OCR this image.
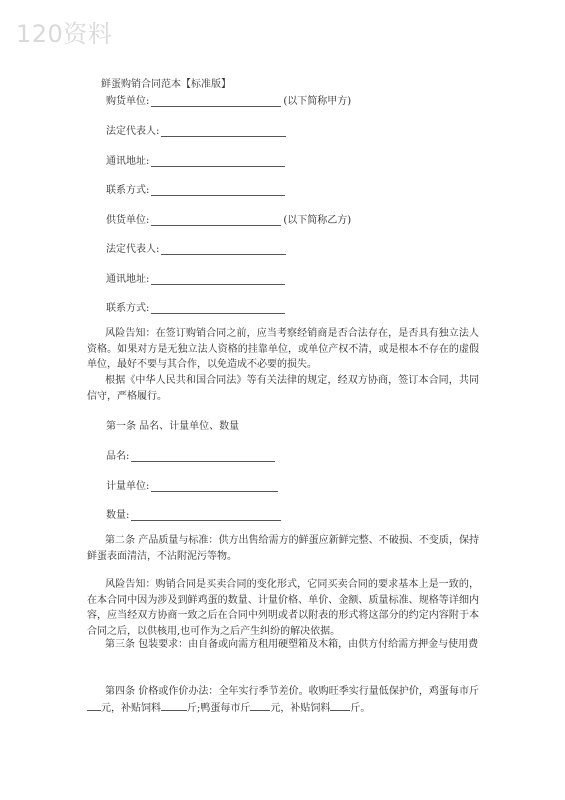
120资料
鲜蛋购销合同范本【标准版】
购货单位:	(以下简称甲方)
法定代表人:
通讯地址:
联系方式:
供货单位:	(以下简称乙方)
法定代表人:
通讯地址:
联系方式:
风险告知：在签订购销合同之前，应当考察经销商是否合法存在，是否具有独立法人资格。如果对方是无独立法人资格的挂靠单位，或单位产权不清，或是根本不存在的虚假单位，最好不要与其合作，以免造成不必要的损失。
根据《中华人民共和国合同法》等有关法律的规定，经双方协商，签订本合同，共同信守，严格履行。
第一条 品名、计量单位、数量
品名:
计量单位:
数量:
第二条 产品质量与标准：供方出售给需方的鲜蛋应新鲜完整、不破损、不变质，保持鲜蛋表面清洁，不沾附泥污等物。
风险告知：购销合同是买卖合同的变化形式，它同买卖合同的要求基本上是一致的，在本合同中因为涉及到鲜鸡蛋的数量、计量价格、单价、金额、质量标准、规格等详细内容，应当经双方协商一致之后在合同中列明或者以附表的形式将这部分的约定内容附于本合同之后，以供核用,也可作为之后产生纠纷的解决依据。
第三条 包装要求：由自备或向需方租用硬塑箱及木箱，由供方付给需方押金与使用费
第四条 价格或作价办法：全年实行季节差价。收购旺季实行量低保护价，鸡蛋每市斤元，补贴饲料	斤;鸭蛋每市斤 元，补贴饲料 斤。
